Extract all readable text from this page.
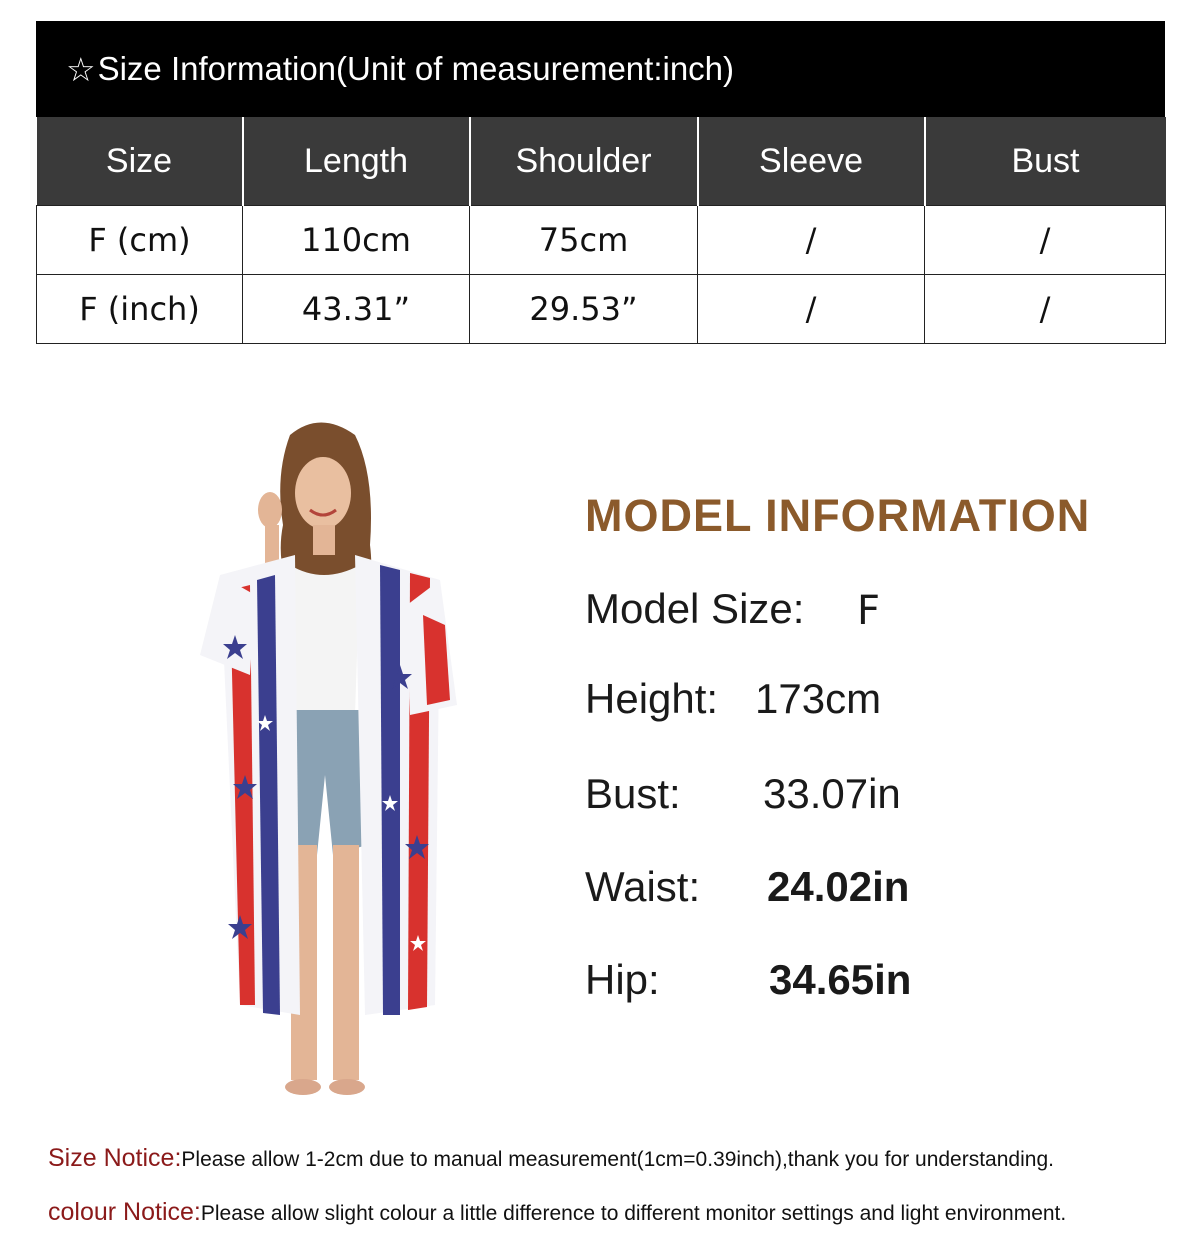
☆ Size Information(Unit of measurement:inch)
Size	Length	Shoulder	Sleeve	Bust
F (cm)	110cm	75cm	/	/
F (inch)	43.31”	29.53”	/	/
MODEL INFORMATION
Model Size: F
Height: 173cm
Bust: 33.07in
Waist: 24.02in
Hip:	34.65in
Size Notice:Please allow 1-2cm due to manual measurement(1cm=0.39inch),thank you for understanding.
colour Notice:Please allow slight colour a little difference to different monitor settings and light environment.
